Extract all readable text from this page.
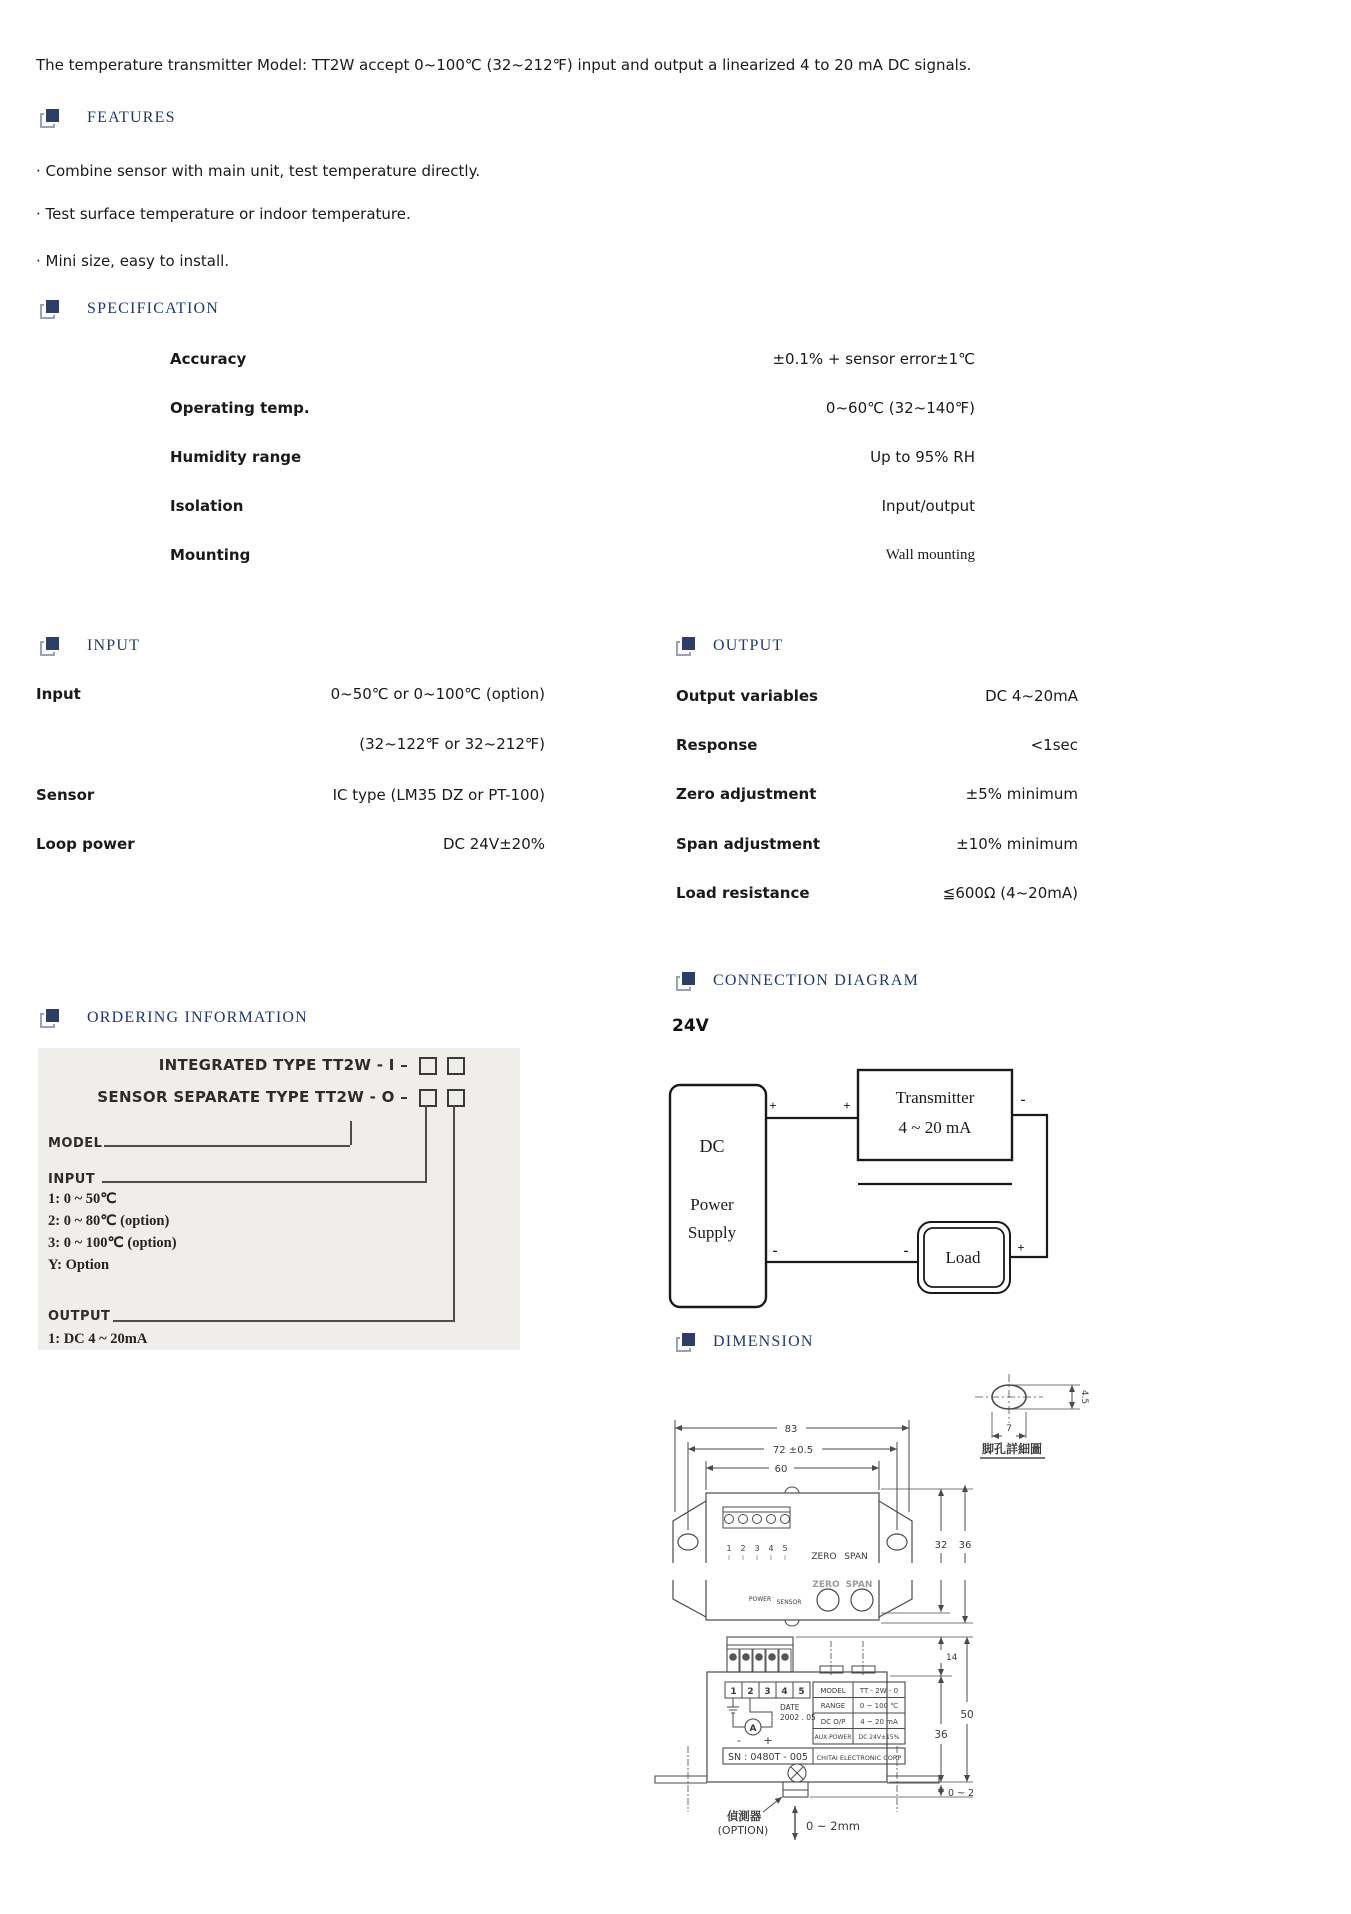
The temperature transmitter Model: TT2W accept 0~100℃ (32~212℉) input and output a linearized 4 to 20 mA DC signals.
FEATURES
· Combine sensor with main unit, test temperature directly.
· Test surface temperature or indoor temperature.
· Mini size, easy to install.
SPECIFICATION
Accuracy	±0.1% + sensor error±1℃
Operating temp.	0~60℃ (32~140℉)
Humidity range	Up to 95% RH
Isolation	Input/output
Mounting	Wall mounting
INPUT
Input	0~50℃ or 0~100℃ (option)
(32~122℉ or 32~212℉)
Sensor	IC type (LM35 DZ or PT-100)
Loop power	DC 24V±20%
OUTPUT
Output variables	DC 4~20mA
Response	<1sec
Zero adjustment	±5% minimum
Span adjustment	±10% minimum
Load resistance	≦600Ω (4~20mA)
CONNECTION DIAGRAM
24V
ORDERING INFORMATION
INTEGRATED TYPE TT2W - I –
SENSOR SEPARATE TYPE TT2W - O –
MODEL
INPUT
1: 0 ~ 50℃
2: 0 ~ 80℃ (option)
3: 0 ~ 100℃ (option)
Y: Option
OUTPUT
1: DC 4 ~ 20mA
DC
Power
Supply
Transmitter
4 ~ 20 mA
Load
+	+	-
+
-	-
DIMENSION
83
72 ±0.5
60
1 2 3 4 5
ZERO SPAN
ZERO SPAN
POWER SENSOR
32 36
4.5
7
脚孔詳細圖
1 2 3 4 5
A
- +
DATE
2002 . 05
MODEL TT - 2W - 0
RANGE 0 ~ 100 ℃
DC O/P 4 ~ 20 mA
AUX.POWER DC 24V±15%
SN : 0480T - 005 CHITAI ELECTRONIC CORP
14
50
36
0 ~ 2
0 ~ 2mm
偵測器
(OPTION)
